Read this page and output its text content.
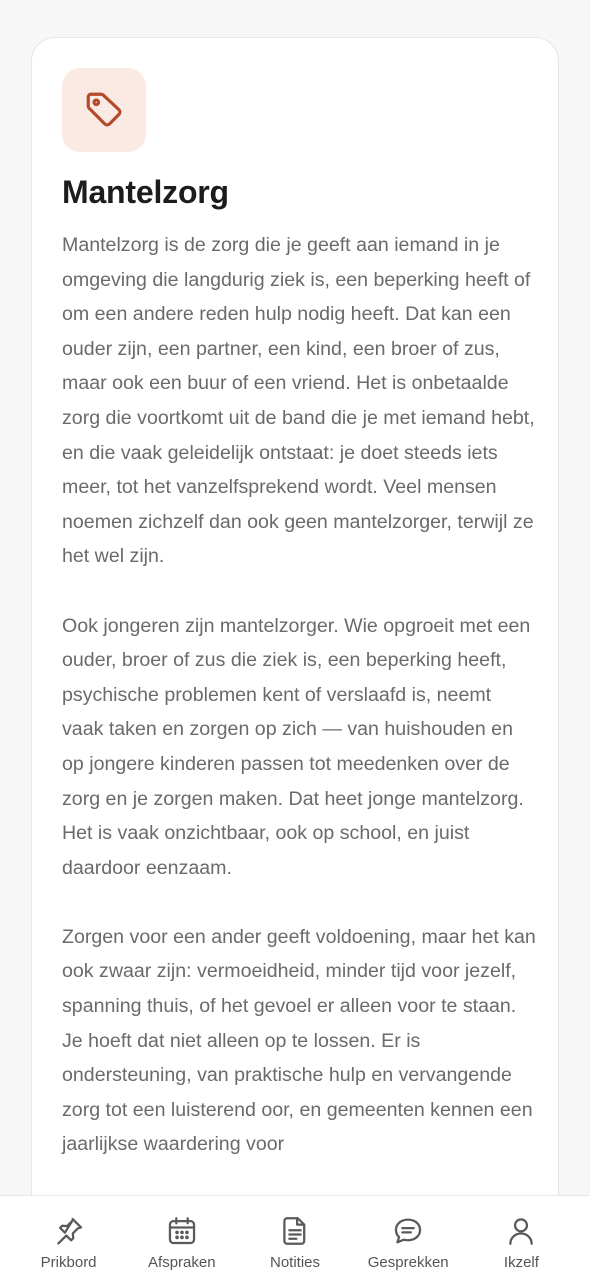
Mantelzorg

Mantelzorg is de zorg die je geeft aan iemand in je omgeving die langdurig ziek is, een beperking heeft of om een andere reden hulp nodig heeft. Dat kan een ouder zijn, een partner, een kind, een broer of zus, maar ook een buur of een vriend. Het is onbetaalde zorg die voortkomt uit de band die je met iemand hebt, en die vaak geleidelijk ontstaat: je doet steeds iets meer, tot het vanzelfsprekend wordt. Veel mensen noemen zichzelf dan ook geen mantelzorger, terwijl ze het wel zijn.

Ook jongeren zijn mantelzorger. Wie opgroeit met een ouder, broer of zus die ziek is, een beperking heeft, psychische problemen kent of verslaafd is, neemt vaak taken en zorgen op zich — van huishouden en op jongere kinderen passen tot meedenken over de zorg en je zorgen maken. Dat heet jonge mantelzorg. Het is vaak onzichtbaar, ook op school, en juist daardoor eenzaam.

Zorgen voor een ander geeft voldoening, maar het kan ook zwaar zijn: vermoeidheid, minder tijd voor jezelf, spanning thuis, of het gevoel er alleen voor te staan. Je hoeft dat niet alleen op te lossen. Er is ondersteuning, van praktische hulp en vervangende zorg tot een luisterend oor, en gemeenten kennen een jaarlijkse waardering voor

Prikbord	Afspraken	Notities	Gesprekken	Ikzelf
